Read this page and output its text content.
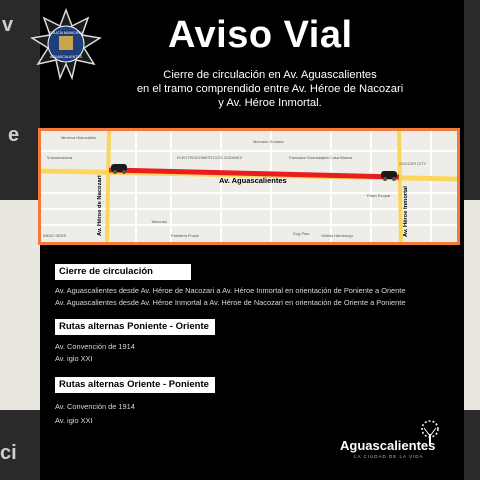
v
e
ci
POLICÍA MUNICIPAL
AGUASCALIENTES
Aviso Vial
Cierre de circulación en Av. Aguascalientes
en el tramo comprendido entre Av. Héroe de Nacozari
y Av. Héroe Inmortal.
Av. Aguascalientes
Av. Héroe de Nacozari	Av. Héroe Inmortal
Minerva Hidrocálido
Vulcanizadora	ELECTRODOMESTICOS GODINEZ
Mercado Soriana
Farmacia Guadalajara Casa Blanca
SOCCER CITY
Flash Ecopar
INDIO SEDE
Telecolor
Paleteria Fruzie	Dog Paw	Vidrios Hamburgo
Cierre de circulación
Av. Aguascalientes desde Av. Héroe de Nacozari a Av. Héroe Inmortal en orientación de Poniente a Oriente
Av. Aguascalientes desde Av. Héroe Inmortal a Av. Héroe de Nacozari en orientación de Oriente a Poniente
Rutas alternas Poniente - Oriente
Av. Convención de 1914
Av. igio XXI
Rutas alternas Oriente - Poniente
Av. Convención de 1914
Av. igio XXI
Aguascalientes
LA CIUDAD DE LA VIDA
